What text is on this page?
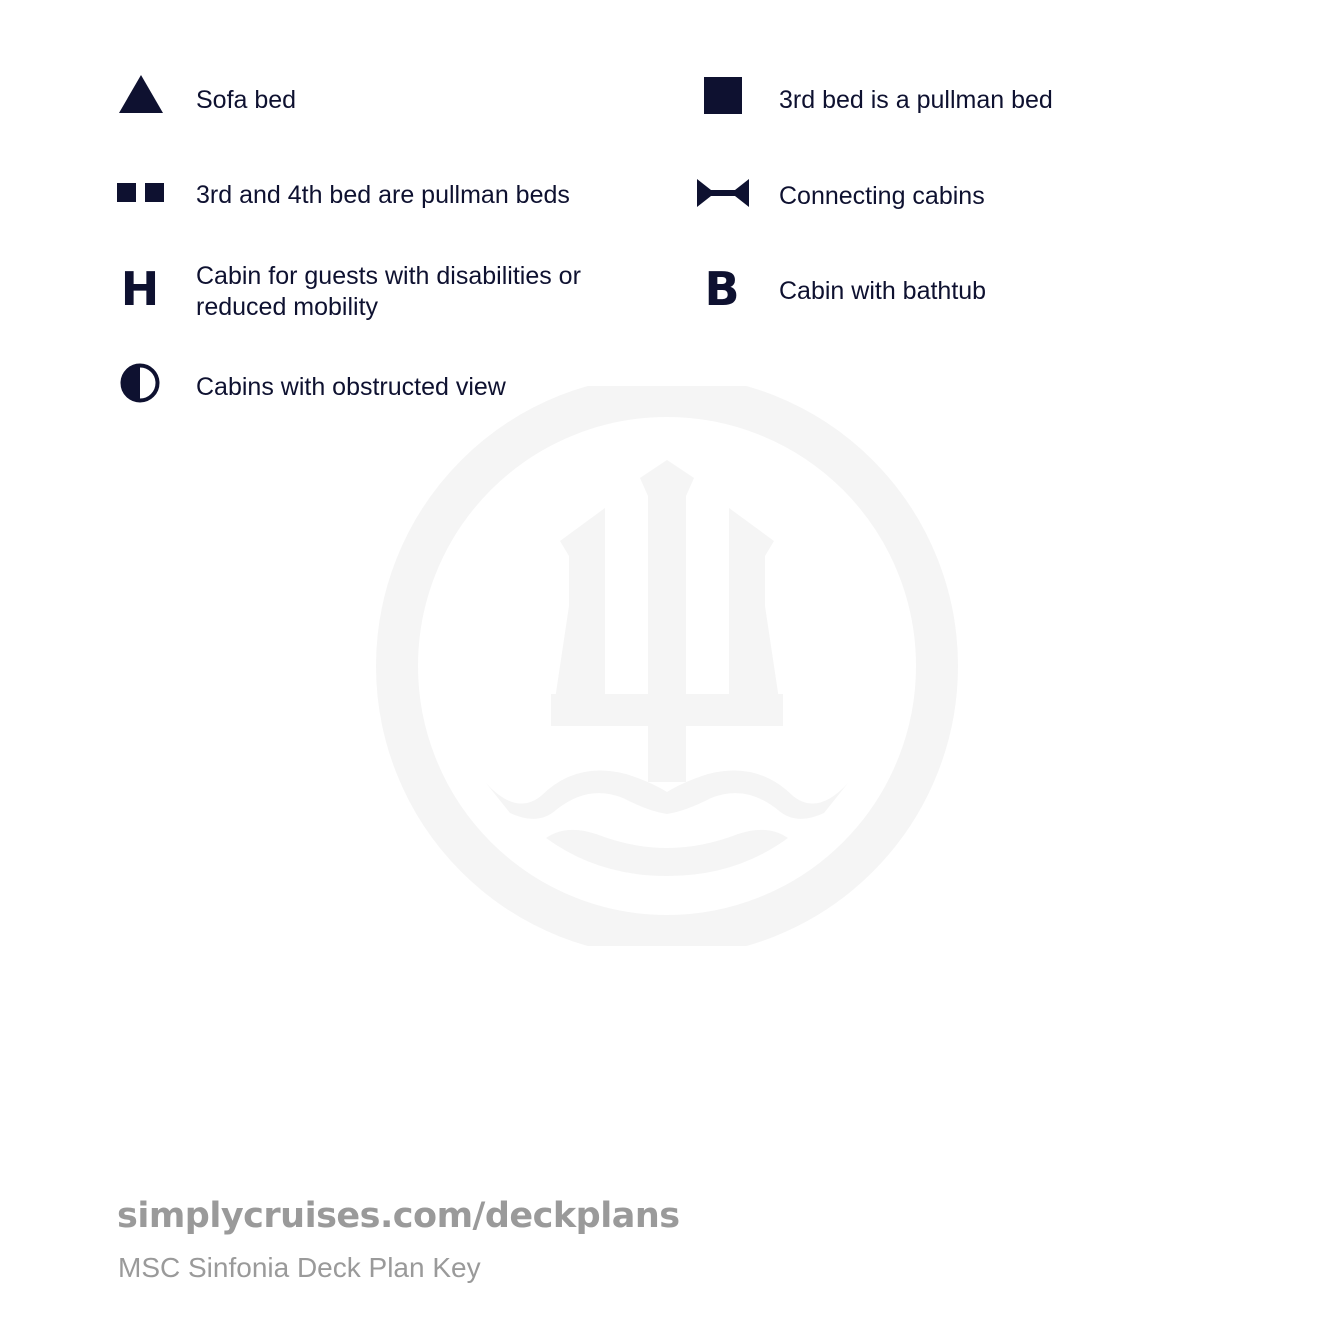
Sofa bed	3rd bed is a pullman bed
3rd and 4th bed are pullman beds	Connecting cabins
H Cabin for guests with disabilities or reduced mobility	B Cabin with bathtub
Cabins with obstructed view
simplycruises.com/deckplans
MSC Sinfonia Deck Plan Key
